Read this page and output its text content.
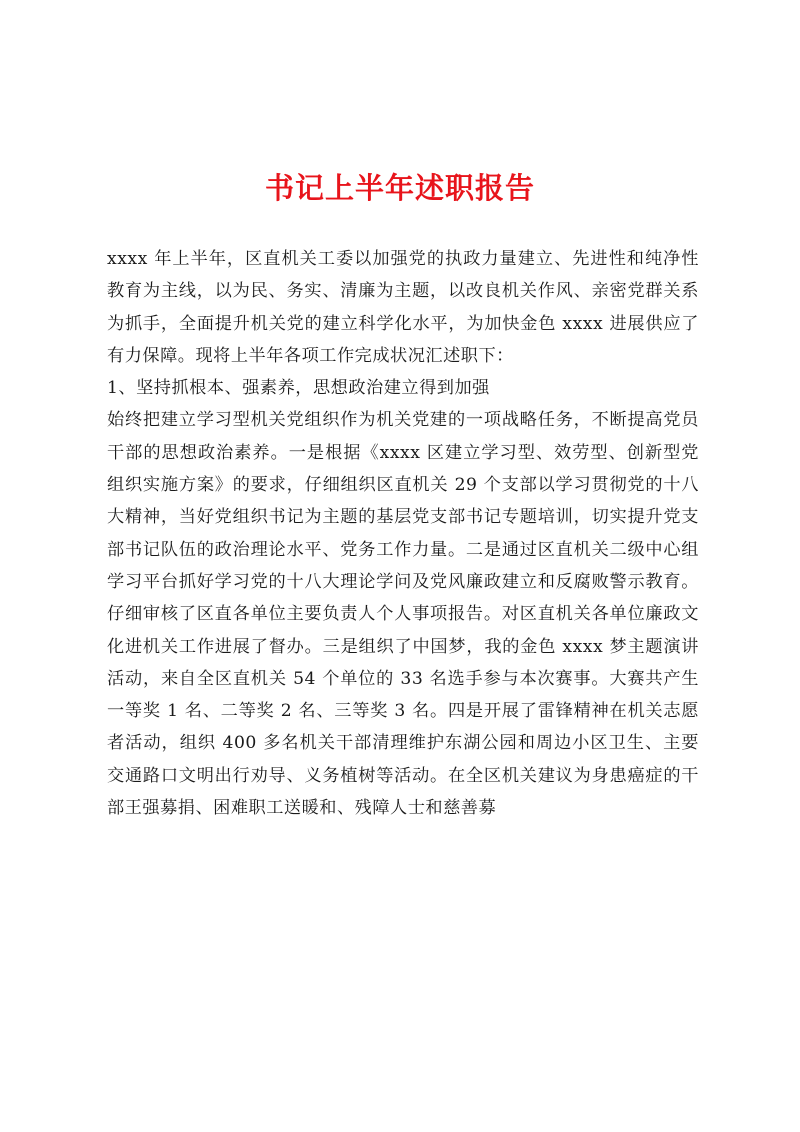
书记上半年述职报告

xxxx 年上半年，区直机关工委以加强党的执政力量建立、先进性和纯净性教育为主线，以为民、务实、清廉为主题，以改良机关作风、亲密党群关系为抓手，全面提升机关党的建立科学化水平，为加快金色 xxxx 进展供应了有力保障。现将上半年各项工作完成状况汇述职下：

1、坚持抓根本、强素养，思想政治建立得到加强

始终把建立学习型机关党组织作为机关党建的一项战略任务，不断提高党员干部的思想政治素养。一是根据《xxxx 区建立学习型、效劳型、创新型党组织实施方案》的要求，仔细组织区直机关 29 个支部以学习贯彻党的十八大精神，当好党组织书记为主题的基层党支部书记专题培训，切实提升党支部书记队伍的政治理论水平、党务工作力量。二是通过区直机关二级中心组学习平台抓好学习党的十八大理论学问及党风廉政建立和反腐败警示教育。仔细审核了区直各单位主要负责人个人事项报告。对区直机关各单位廉政文化进机关工作进展了督办。三是组织了中国梦，我的金色 xxxx 梦主题演讲活动，来自全区直机关 54 个单位的 33 名选手参与本次赛事。大赛共产生一等奖 1 名、二等奖 2 名、三等奖 3 名。四是开展了雷锋精神在机关志愿者活动，组织 400 多名机关干部清理维护东湖公园和周边小区卫生、主要交通路口文明出行劝导、义务植树等活动。在全区机关建议为身患癌症的干部王强募捐、困难职工送暖和、残障人士和慈善募
